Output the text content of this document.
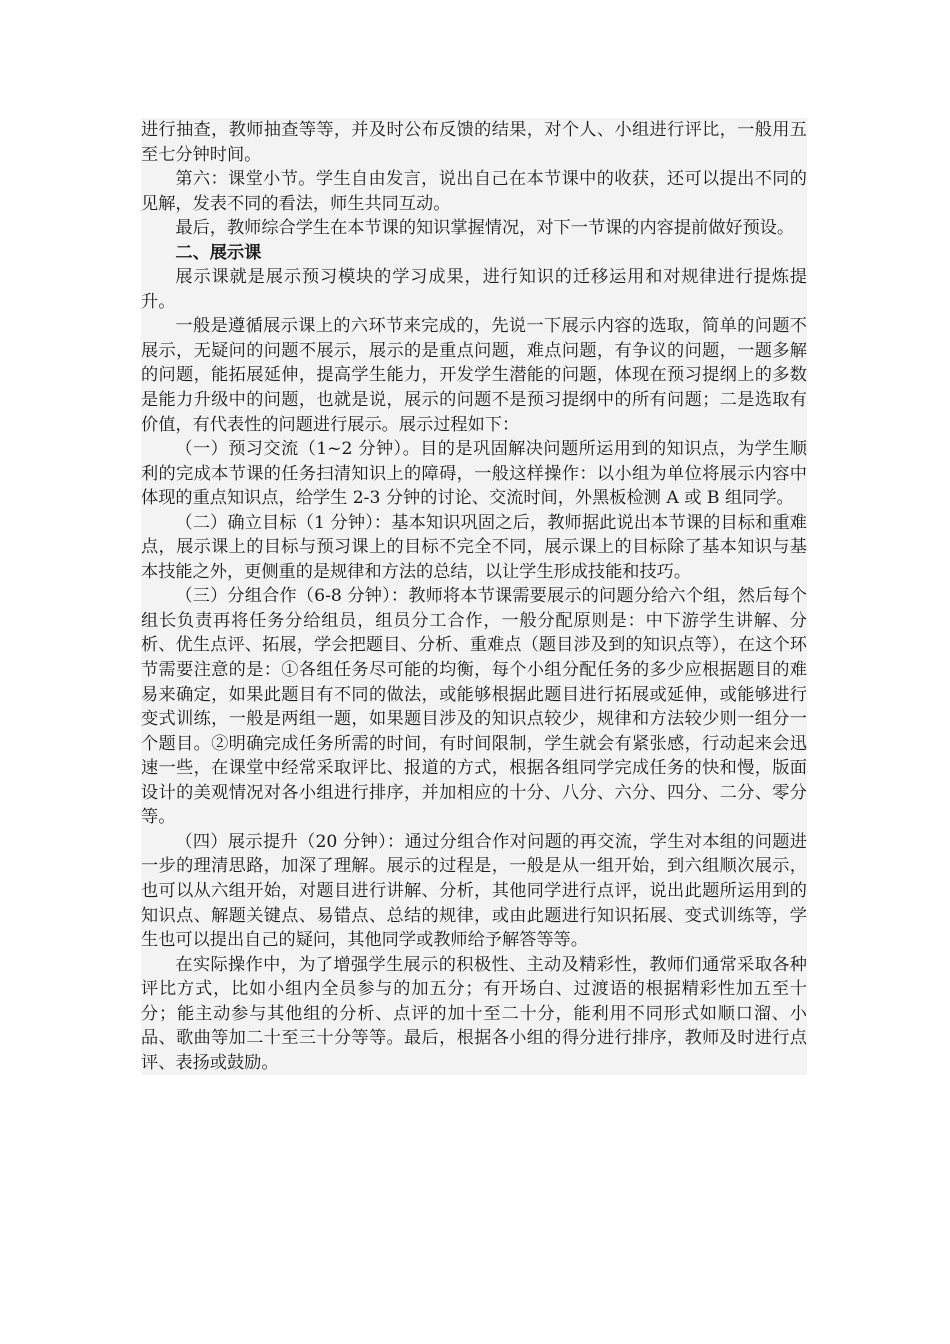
进行抽查，教师抽查等等，并及时公布反馈的结果，对个人、小组进行评比，一般用五至七分钟时间。

第六：课堂小节。学生自由发言，说出自己在本节课中的收获，还可以提出不同的见解，发表不同的看法，师生共同互动。

最后，教师综合学生在本节课的知识掌握情况，对下一节课的内容提前做好预设。

二、展示课

展示课就是展示预习模块的学习成果，进行知识的迁移运用和对规律进行提炼提升。

一般是遵循展示课上的六环节来完成的，先说一下展示内容的选取，简单的问题不展示，无疑问的问题不展示，展示的是重点问题，难点问题，有争议的问题，一题多解的问题，能拓展延伸，提高学生能力，开发学生潜能的问题，体现在预习提纲上的多数是能力升级中的问题，也就是说，展示的问题不是预习提纲中的所有问题；二是选取有价值，有代表性的问题进行展示。展示过程如下：

（一）预习交流（1~2 分钟）。目的是巩固解决问题所运用到的知识点，为学生顺利的完成本节课的任务扫清知识上的障碍，一般这样操作：以小组为单位将展示内容中体现的重点知识点，给学生 2-3 分钟的讨论、交流时间，外黑板检测 A 或 B 组同学。

（二）确立目标（1 分钟）：基本知识巩固之后，教师据此说出本节课的目标和重难点，展示课上的目标与预习课上的目标不完全不同，展示课上的目标除了基本知识与基本技能之外，更侧重的是规律和方法的总结，以让学生形成技能和技巧。

（三）分组合作（6-8 分钟）：教师将本节课需要展示的问题分给六个组，然后每个组长负责再将任务分给组员，组员分工合作，一般分配原则是：中下游学生讲解、分析、优生点评、拓展，学会把题目、分析、重难点（题目涉及到的知识点等），在这个环节需要注意的是：①各组任务尽可能的均衡，每个小组分配任务的多少应根据题目的难易来确定，如果此题目有不同的做法，或能够根据此题目进行拓展或延伸，或能够进行变式训练，一般是两组一题，如果题目涉及的知识点较少，规律和方法较少则一组分一个题目。②明确完成任务所需的时间，有时间限制，学生就会有紧张感，行动起来会迅速一些，在课堂中经常采取评比、报道的方式，根据各组同学完成任务的快和慢，版面设计的美观情况对各小组进行排序，并加相应的十分、八分、六分、四分、二分、零分等。

（四）展示提升（20 分钟）：通过分组合作对问题的再交流，学生对本组的问题进一步的理清思路，加深了理解。展示的过程是，一般是从一组开始，到六组顺次展示，也可以从六组开始，对题目进行讲解、分析，其他同学进行点评，说出此题所运用到的知识点、解题关键点、易错点、总结的规律，或由此题进行知识拓展、变式训练等，学生也可以提出自己的疑问，其他同学或教师给予解答等等。

在实际操作中，为了增强学生展示的积极性、主动及精彩性，教师们通常采取各种评比方式，比如小组内全员参与的加五分；有开场白、过渡语的根据精彩性加五至十分；能主动参与其他组的分析、点评的加十至二十分，能利用不同形式如顺口溜、小品、歌曲等加二十至三十分等等。最后，根据各小组的得分进行排序，教师及时进行点评、表扬或鼓励。
